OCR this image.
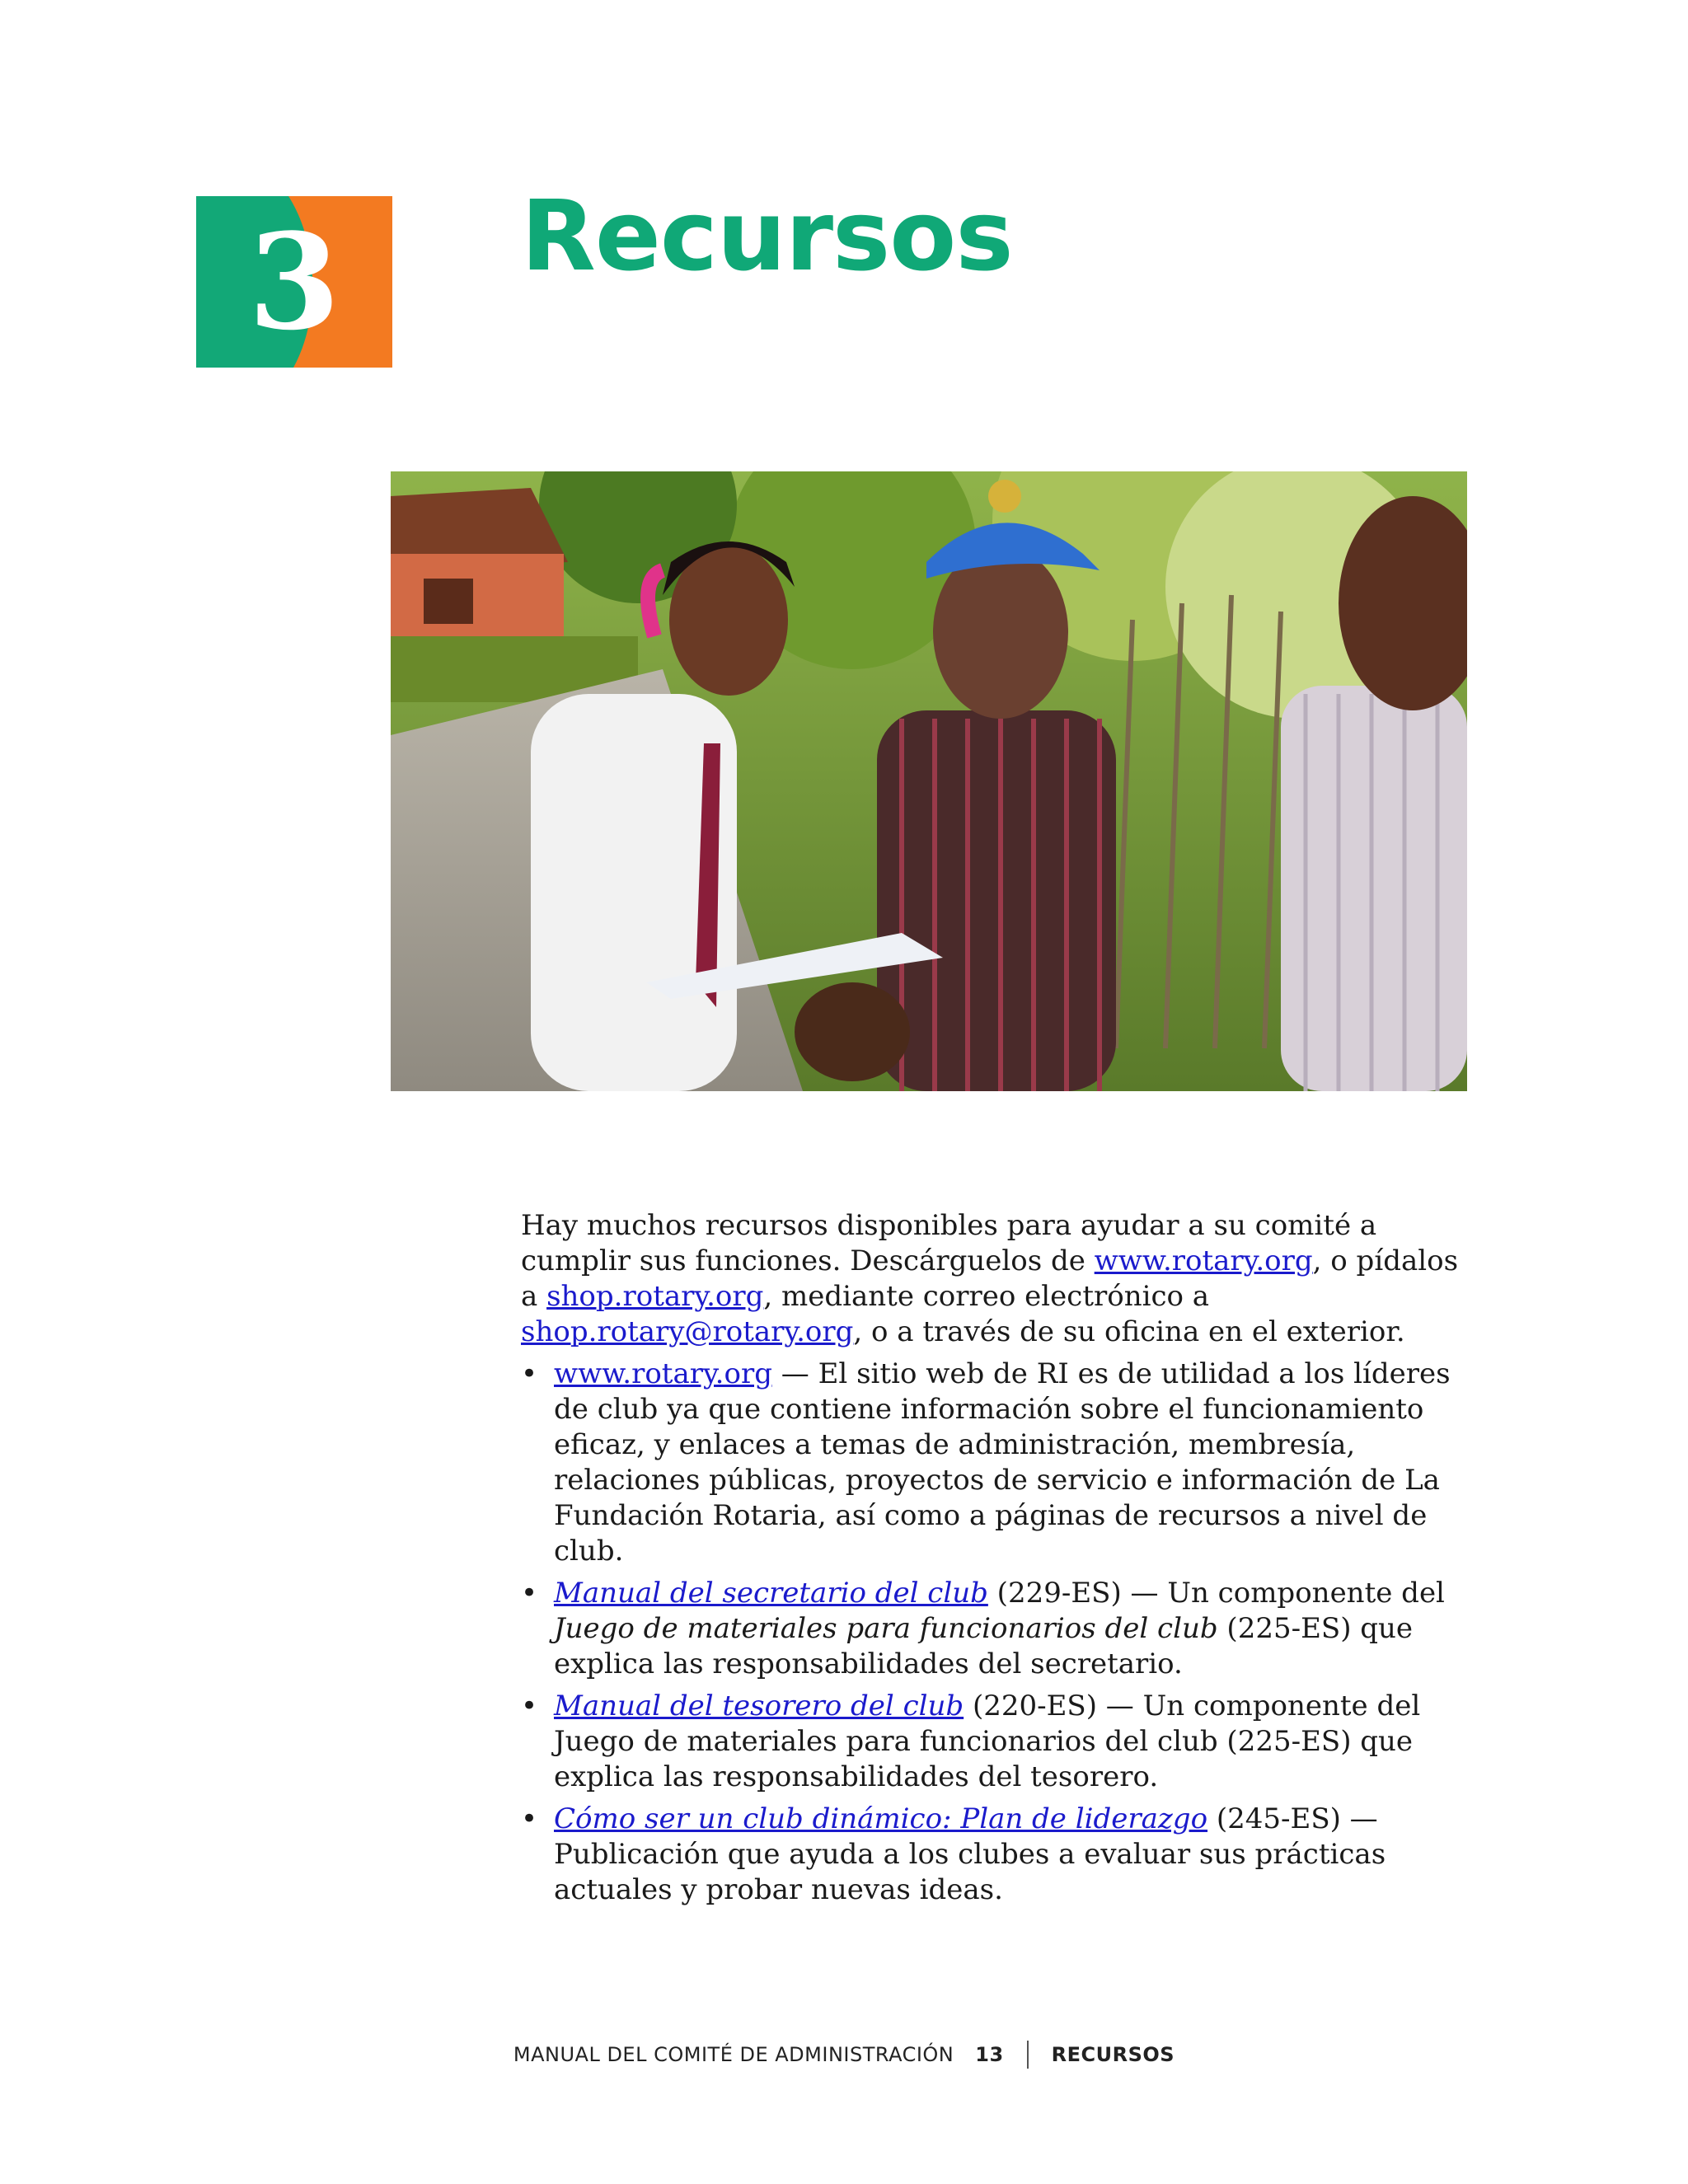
3	Recursos

Hay muchos recursos disponibles para ayudar a su comité a cumplir sus funciones. Descárguelos de www.rotary.org, o pídalos a shop.rotary.org, mediante correo electrónico a shop.rotary@rotary.org, o a través de su oficina en el exterior.

• www.rotary.org — El sitio web de RI es de utilidad a los líderes de club ya que contiene información sobre el funcionamiento eficaz, y enlaces a temas de administración, membresía, relaciones públicas, proyectos de servicio e información de La Fundación Rotaria, así como a páginas de recursos a nivel de club.
• Manual del secretario del club (229-ES) — Un componente del Juego de materiales para funcionarios del club (225-ES) que explica las responsabilidades del secretario.
• Manual del tesorero del club (220-ES) — Un componente del Juego de materiales para funcionarios del club (225-ES) que explica las responsabilidades del tesorero.
• Cómo ser un club dinámico: Plan de liderazgo (245-ES) — Publicación que ayuda a los clubes a evaluar sus prácticas actuales y probar nuevas ideas.
MANUAL DEL COMITÉ DE ADMINISTRACIÓN 13 RECURSOS
